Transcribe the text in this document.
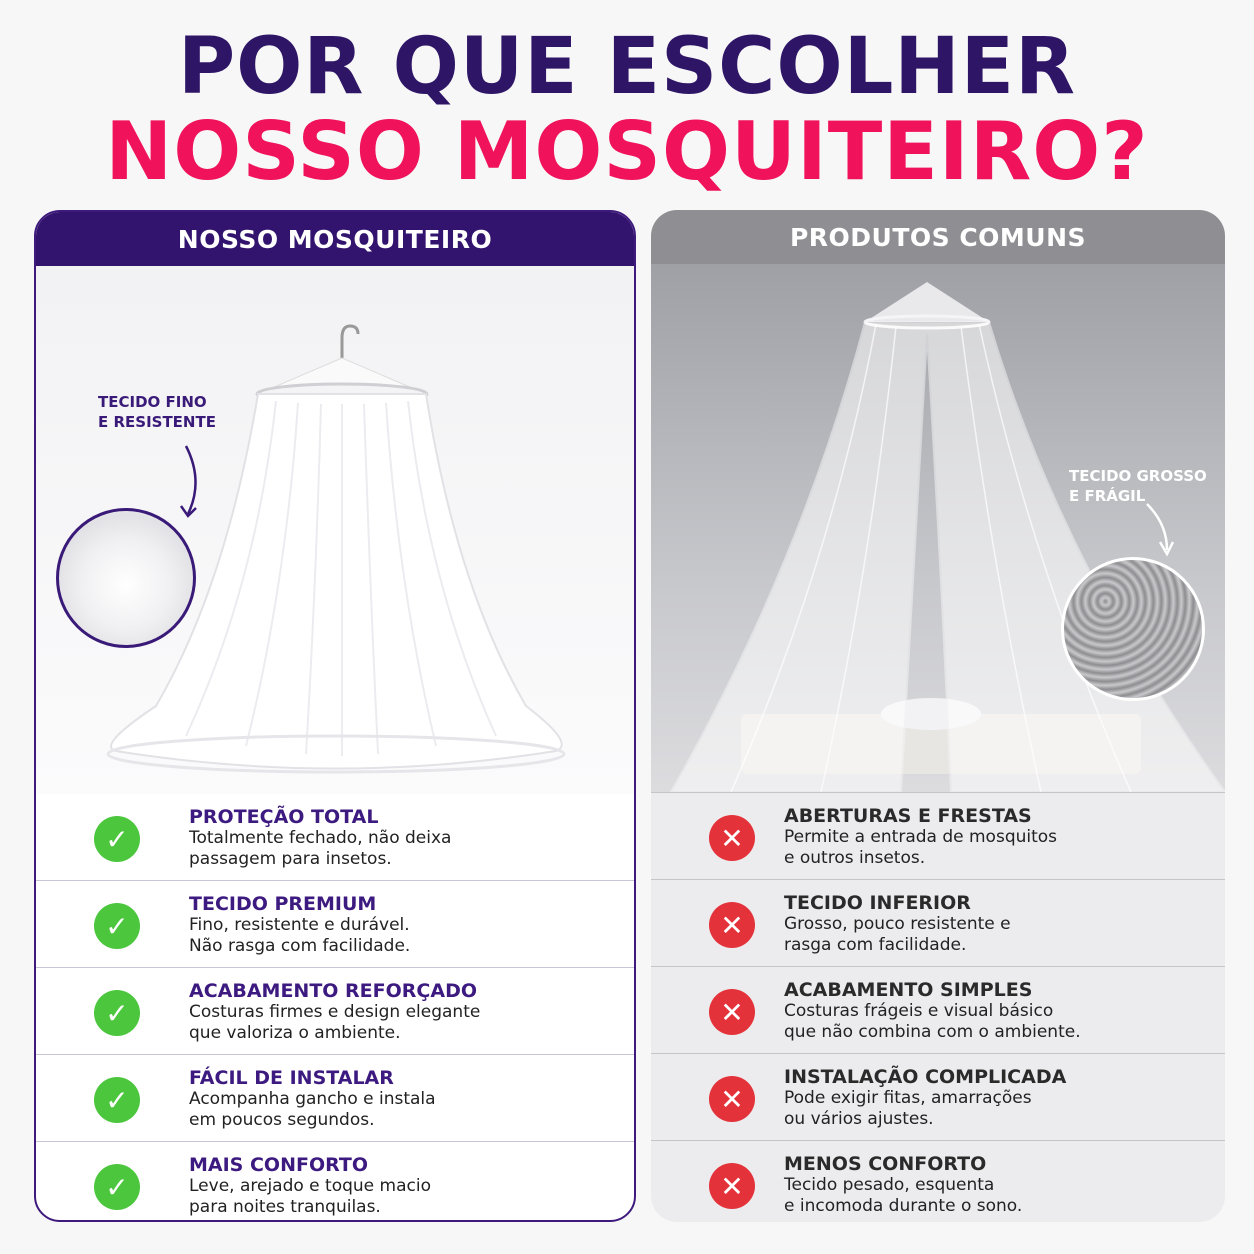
POR QUE ESCOLHER
NOSSO MOSQUITEIRO?
NOSSO MOSQUITEIRO
TECIDO FINO
E RESISTENTE
✓
PROTEÇÃO TOTAL
Totalmente fechado, não deixa
passagem para insetos.
✓
TECIDO PREMIUM
Fino, resistente e durável.
Não rasga com facilidade.
✓
ACABAMENTO REFORÇADO
Costuras firmes e design elegante
que valoriza o ambiente.
✓
FÁCIL DE INSTALAR
Acompanha gancho e instala
em poucos segundos.
✓
MAIS CONFORTO
Leve, arejado e toque macio
para noites tranquilas.
PRODUTOS COMUNS
TECIDO GROSSO
E FRÁGIL
✕
ABERTURAS E FRESTAS
Permite a entrada de mosquitos
e outros insetos.
✕
TECIDO INFERIOR
Grosso, pouco resistente e
rasga com facilidade.
✕
ACABAMENTO SIMPLES
Costuras frágeis e visual básico
que não combina com o ambiente.
✕
INSTALAÇÃO COMPLICADA
Pode exigir fitas, amarrações
ou vários ajustes.
✕
MENOS CONFORTO
Tecido pesado, esquenta
e incomoda durante o sono.
